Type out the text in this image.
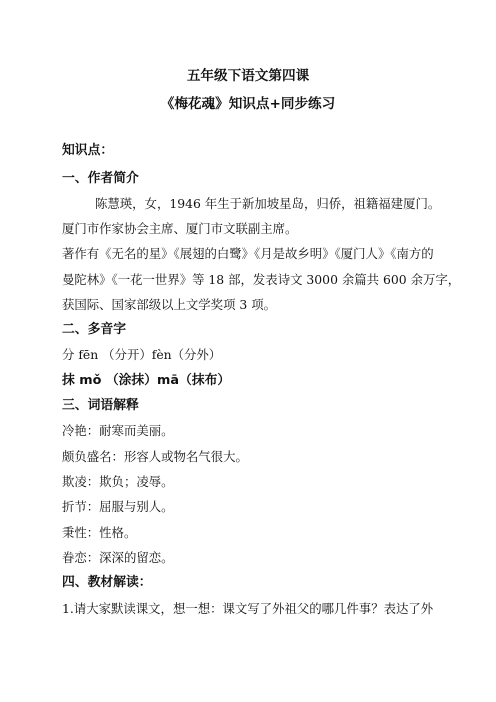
五年级下语文第四课
《梅花魂》知识点+同步练习
知识点：
一、作者简介
陈慧瑛，女，1946 年生于新加坡星岛，归侨，祖籍福建厦门。
厦门市作家协会主席、厦门市文联副主席。
著作有《无名的星》《展翅的白鹭》《月是故乡明》《厦门人》《南方的
曼陀林》《一花一世界》等 18 部，发表诗文 3000 余篇共 600 余万字，
获国际、国家部级以上文学奖项 3 项。
二、多音字
分 fēn （分开）fèn（分外）
抹 mǒ （涂抹）mā（抹布）
三、词语解释
冷艳：耐寒而美丽。
颇负盛名：形容人或物名气很大。
欺凌：欺负；凌辱。
折节：屈服与别人。
秉性：性格。
眷恋：深深的留恋。
四、教材解读：
1.请大家默读课文，想一想：课文写了外祖父的哪几件事？表达了外
